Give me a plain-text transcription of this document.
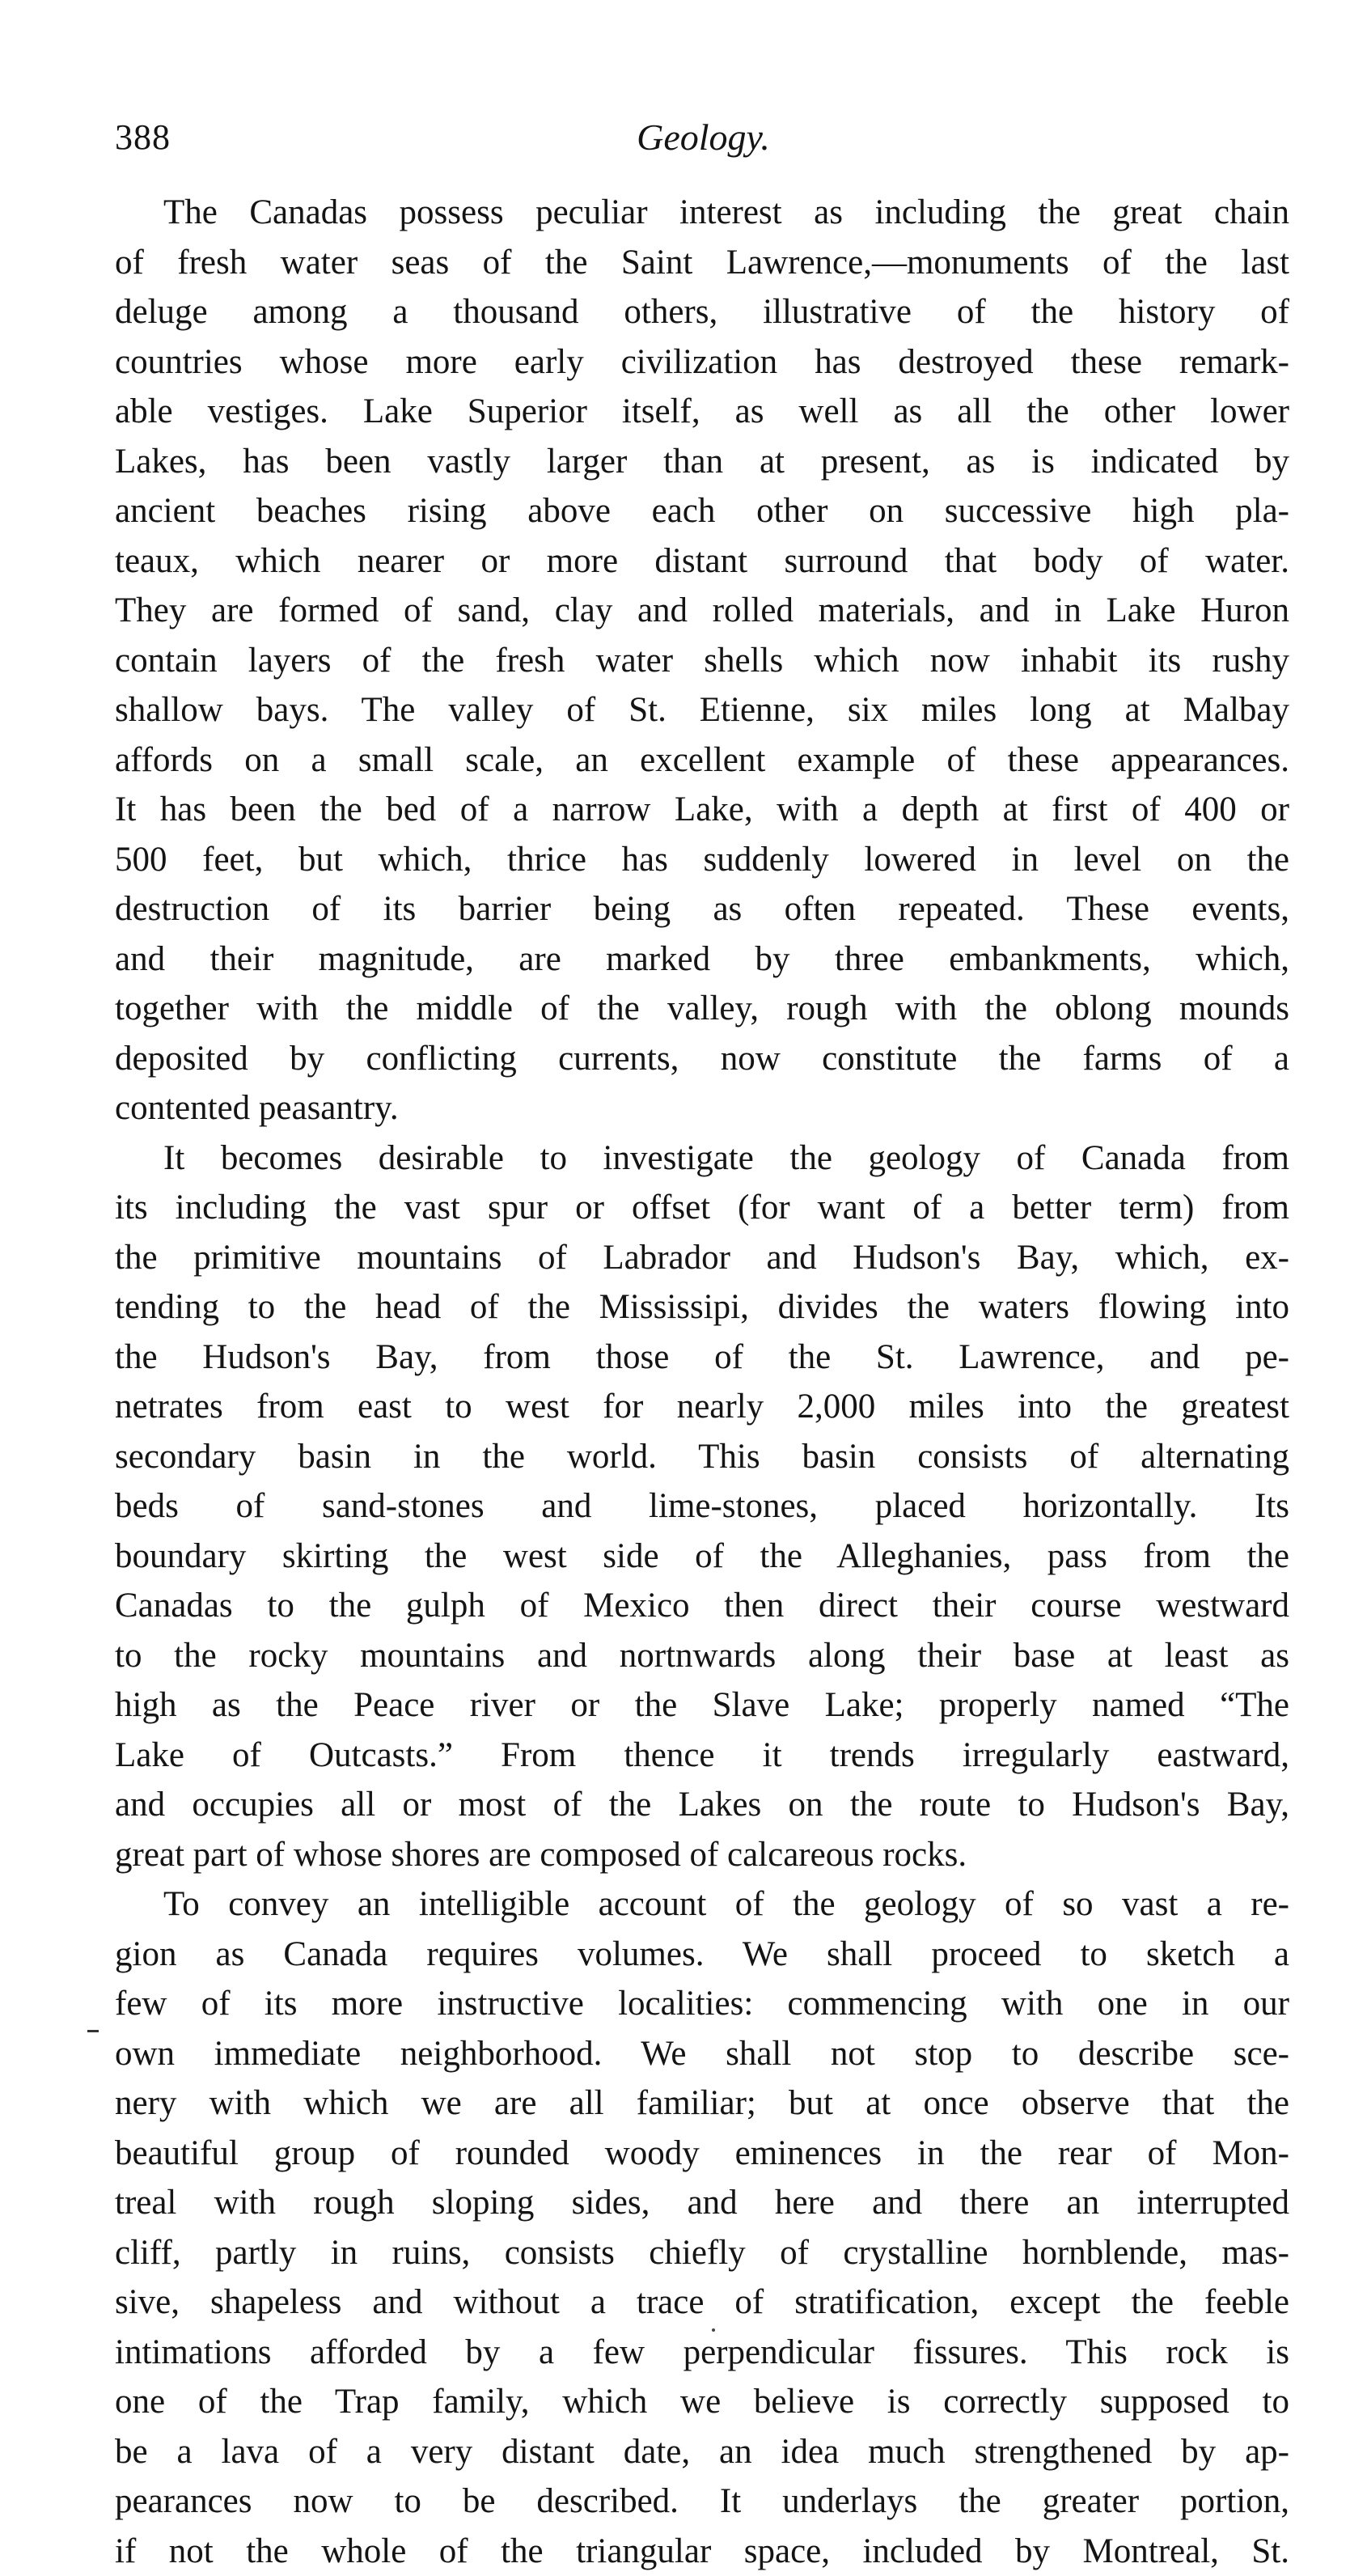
388	Geology.
The Canadas possess peculiar interest as including the great chain
of fresh water seas of the Saint Lawrence,—monuments of the last
deluge among a thousand others, illustrative of the history of
countries whose more early civilization has destroyed these remark-
able vestiges. Lake Superior itself, as well as all the other lower
Lakes, has been vastly larger than at present, as is indicated by
ancient beaches rising above each other on successive high pla-
teaux, which nearer or more distant surround that body of water.
They are formed of sand, clay and rolled materials, and in Lake Huron
contain layers of the fresh water shells which now inhabit its rushy
shallow bays. The valley of St. Etienne, six miles long at Malbay
affords on a small scale, an excellent example of these appearances.
It has been the bed of a narrow Lake, with a depth at first of 400 or
500 feet, but which, thrice has suddenly lowered in level on the
destruction of its barrier being as often repeated. These events,
and their magnitude, are marked by three embankments, which,
together with the middle of the valley, rough with the oblong mounds
deposited by conflicting currents, now constitute the farms of a
contented peasantry.
It becomes desirable to investigate the geology of Canada from
its including the vast spur or offset (for want of a better term) from
the primitive mountains of Labrador and Hudson's Bay, which, ex-
tending to the head of the Mississipi, divides the waters flowing into
the Hudson's Bay, from those of the St. Lawrence, and pe-
netrates from east to west for nearly 2,000 miles into the greatest
secondary basin in the world. This basin consists of alternating
beds of sand-stones and lime-stones, placed horizontally. Its
boundary skirting the west side of the Alleghanies, pass from the
Canadas to the gulph of Mexico then direct their course westward
to the rocky mountains and nortnwards along their base at least as
high as the Peace river or the Slave Lake; properly named “The
Lake of Outcasts.” From thence it trends irregularly eastward,
and occupies all or most of the Lakes on the route to Hudson's Bay,
great part of whose shores are composed of calcareous rocks.
To convey an intelligible account of the geology of so vast a re-
gion as Canada requires volumes. We shall proceed to sketch a
few of its more instructive localities: commencing with one in our
own immediate neighborhood. We shall not stop to describe sce-
nery with which we are all familiar; but at once observe that the
beautiful group of rounded woody eminences in the rear of Mon-
treal with rough sloping sides, and here and there an interrupted
cliff, partly in ruins, consists chiefly of crystalline hornblende, mas-
sive, shapeless and without a trace of stratification, except the feeble
intimations afforded by a few perpendicular fissures. This rock is
one of the Trap family, which we believe is correctly supposed to
be a lava of a very distant date, an idea much strengthened by ap-
pearances now to be described. It underlays the greater portion,
if not the whole of the triangular space, included by Montreal, St.
